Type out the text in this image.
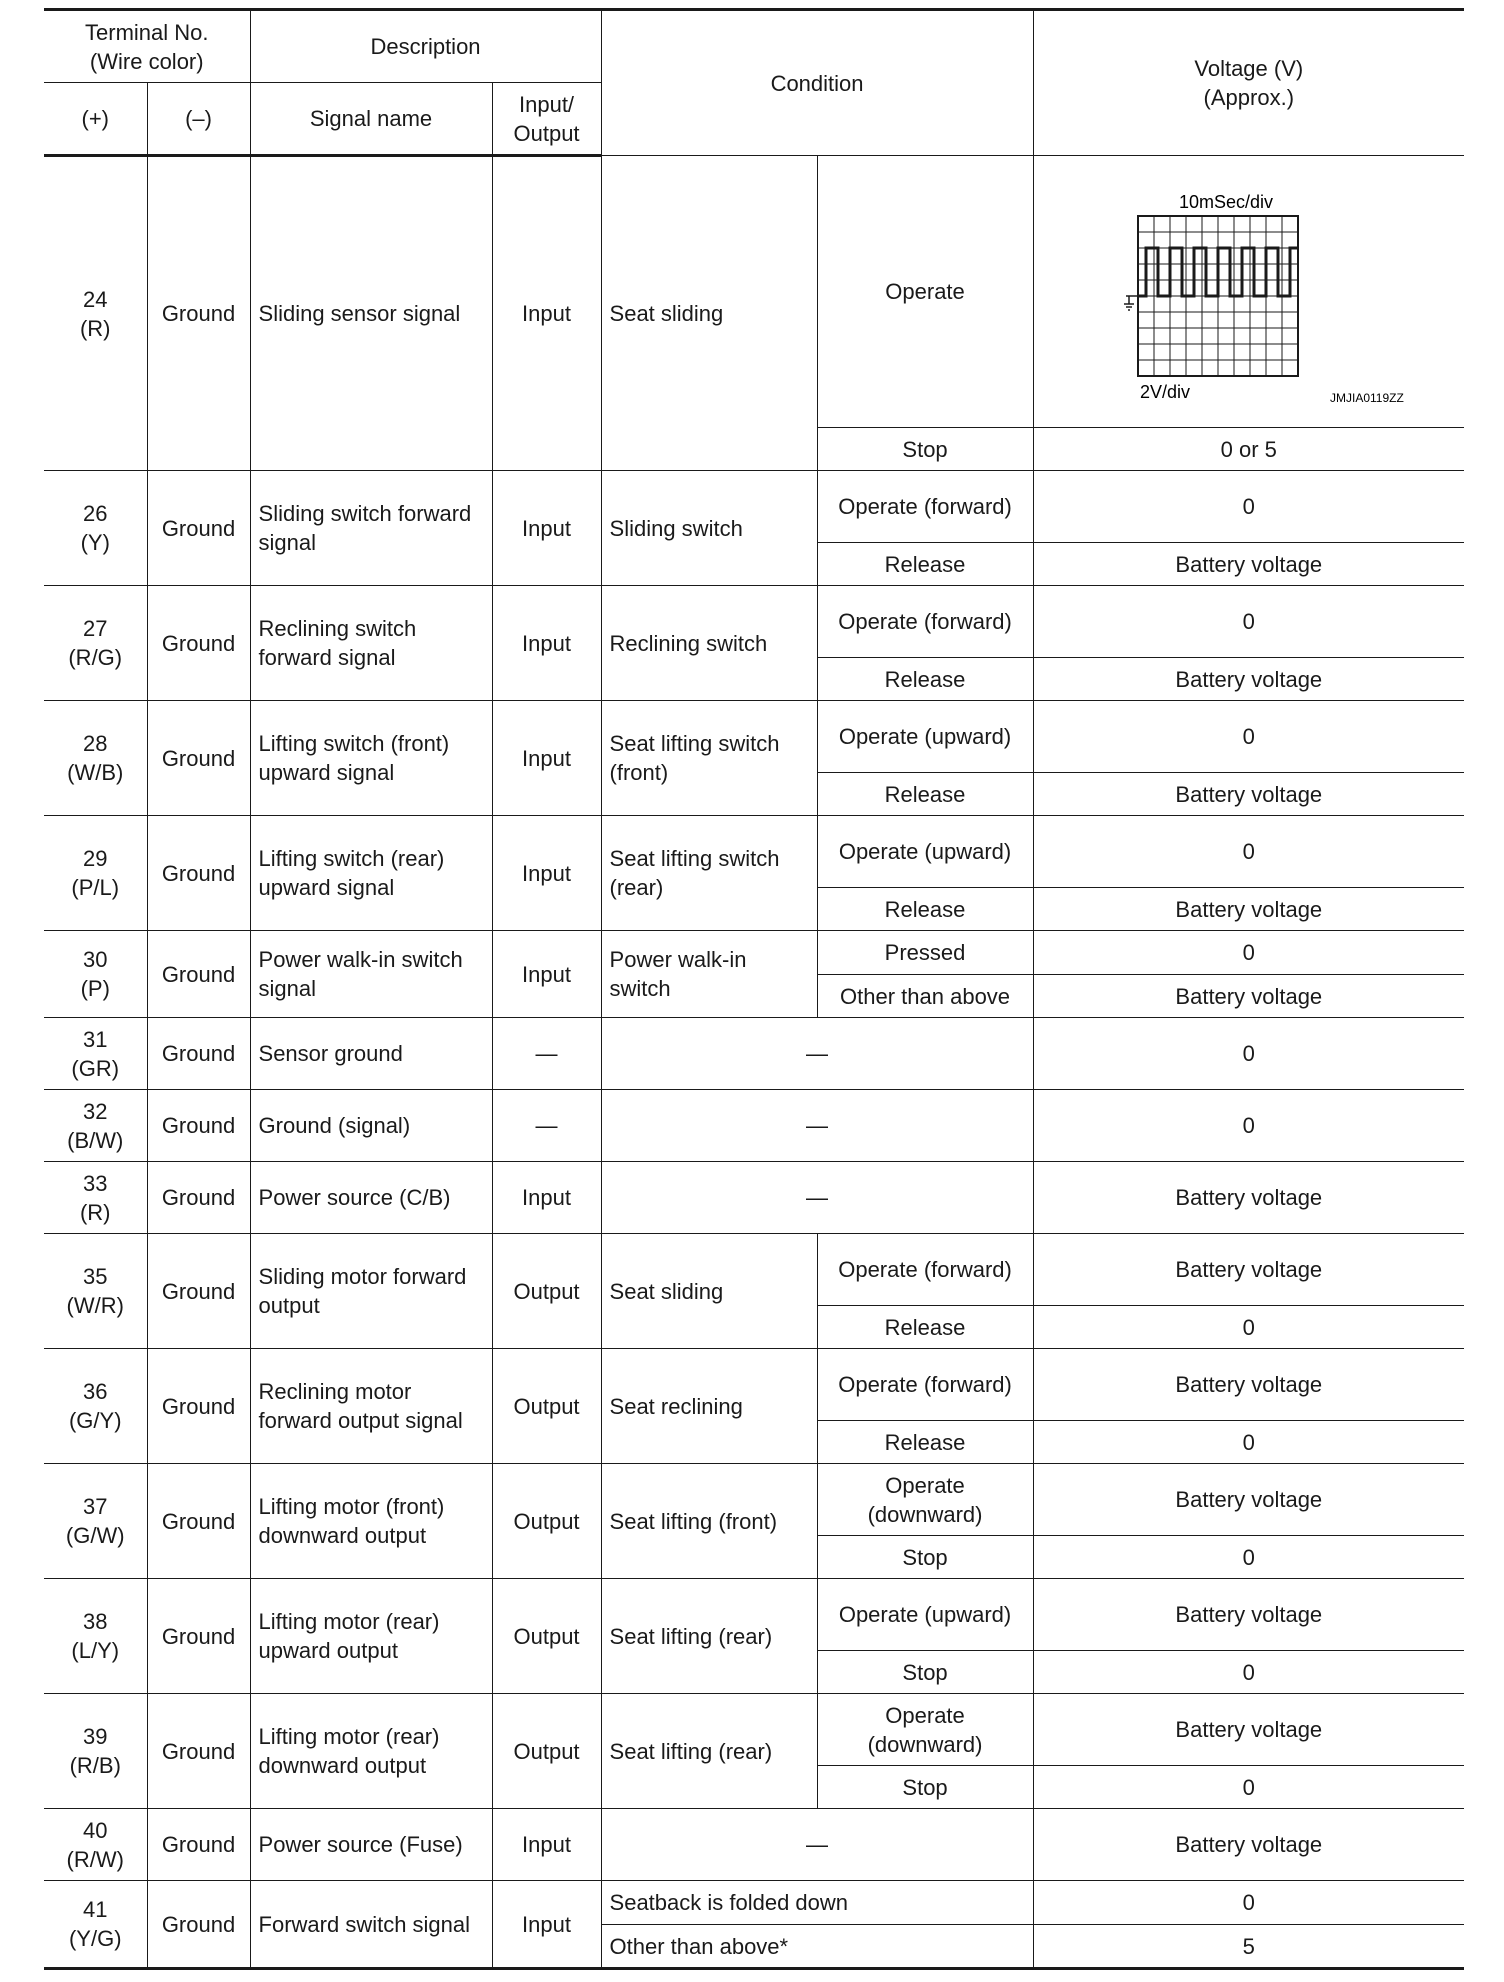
Terminal No.
(Wire color)		Description		Condition		Voltage (V)
(Approx.)
(+)	(–)	Signal name	Input/
Output			
24
(R)	Ground	Sliding sensor signal	Input	Seat sliding	Operate	10mSec/div
2V/div JMJIA0119ZZ

					Stop	0 or 5
26
(Y)	Ground	Sliding switch forward signal	Input	Sliding switch	Operate (forward)	0
					Release	Battery voltage
27
(R/G)	Ground	Reclining switch forward signal	Input	Reclining switch	Operate (forward)	0
					Release	Battery voltage
28
(W/B)	Ground	Lifting switch (front) upward signal	Input	Seat lifting switch (front)	Operate (upward)	0
					Release	Battery voltage
29
(P/L)	Ground	Lifting switch (rear) upward signal	Input	Seat lifting switch (rear)	Operate (upward)	0
					Release	Battery voltage
30
(P)	Ground	Power walk-in switch signal	Input	Power walk-in switch	Pressed	0
					Other than above	Battery voltage
31
(GR)	Ground	Sensor ground	—	—		0
32
(B/W)	Ground	Ground (signal)	—	—		0
33
(R)	Ground	Power source (C/B)	Input	—		Battery voltage
35
(W/R)	Ground	Sliding motor forward output	Output	Seat sliding	Operate (forward)	Battery voltage
					Release	0
36
(G/Y)	Ground	Reclining motor forward output signal	Output	Seat reclining	Operate (forward)	Battery voltage
					Release	0
37
(G/W)	Ground	Lifting motor (front) downward output	Output	Seat lifting (front)	Operate (downward)	Battery voltage
					Stop	0
38
(L/Y)	Ground	Lifting motor (rear) upward output	Output	Seat lifting (rear)	Operate (upward)	Battery voltage
					Stop	0
39
(R/B)	Ground	Lifting motor (rear) downward output	Output	Seat lifting (rear)	Operate (downward)	Battery voltage
					Stop	0
40
(R/W)	Ground	Power source (Fuse)	Input	—		Battery voltage
41
(Y/G)	Ground	Forward switch signal	Input	Seatback is folded down		0
				Other than above*		5
